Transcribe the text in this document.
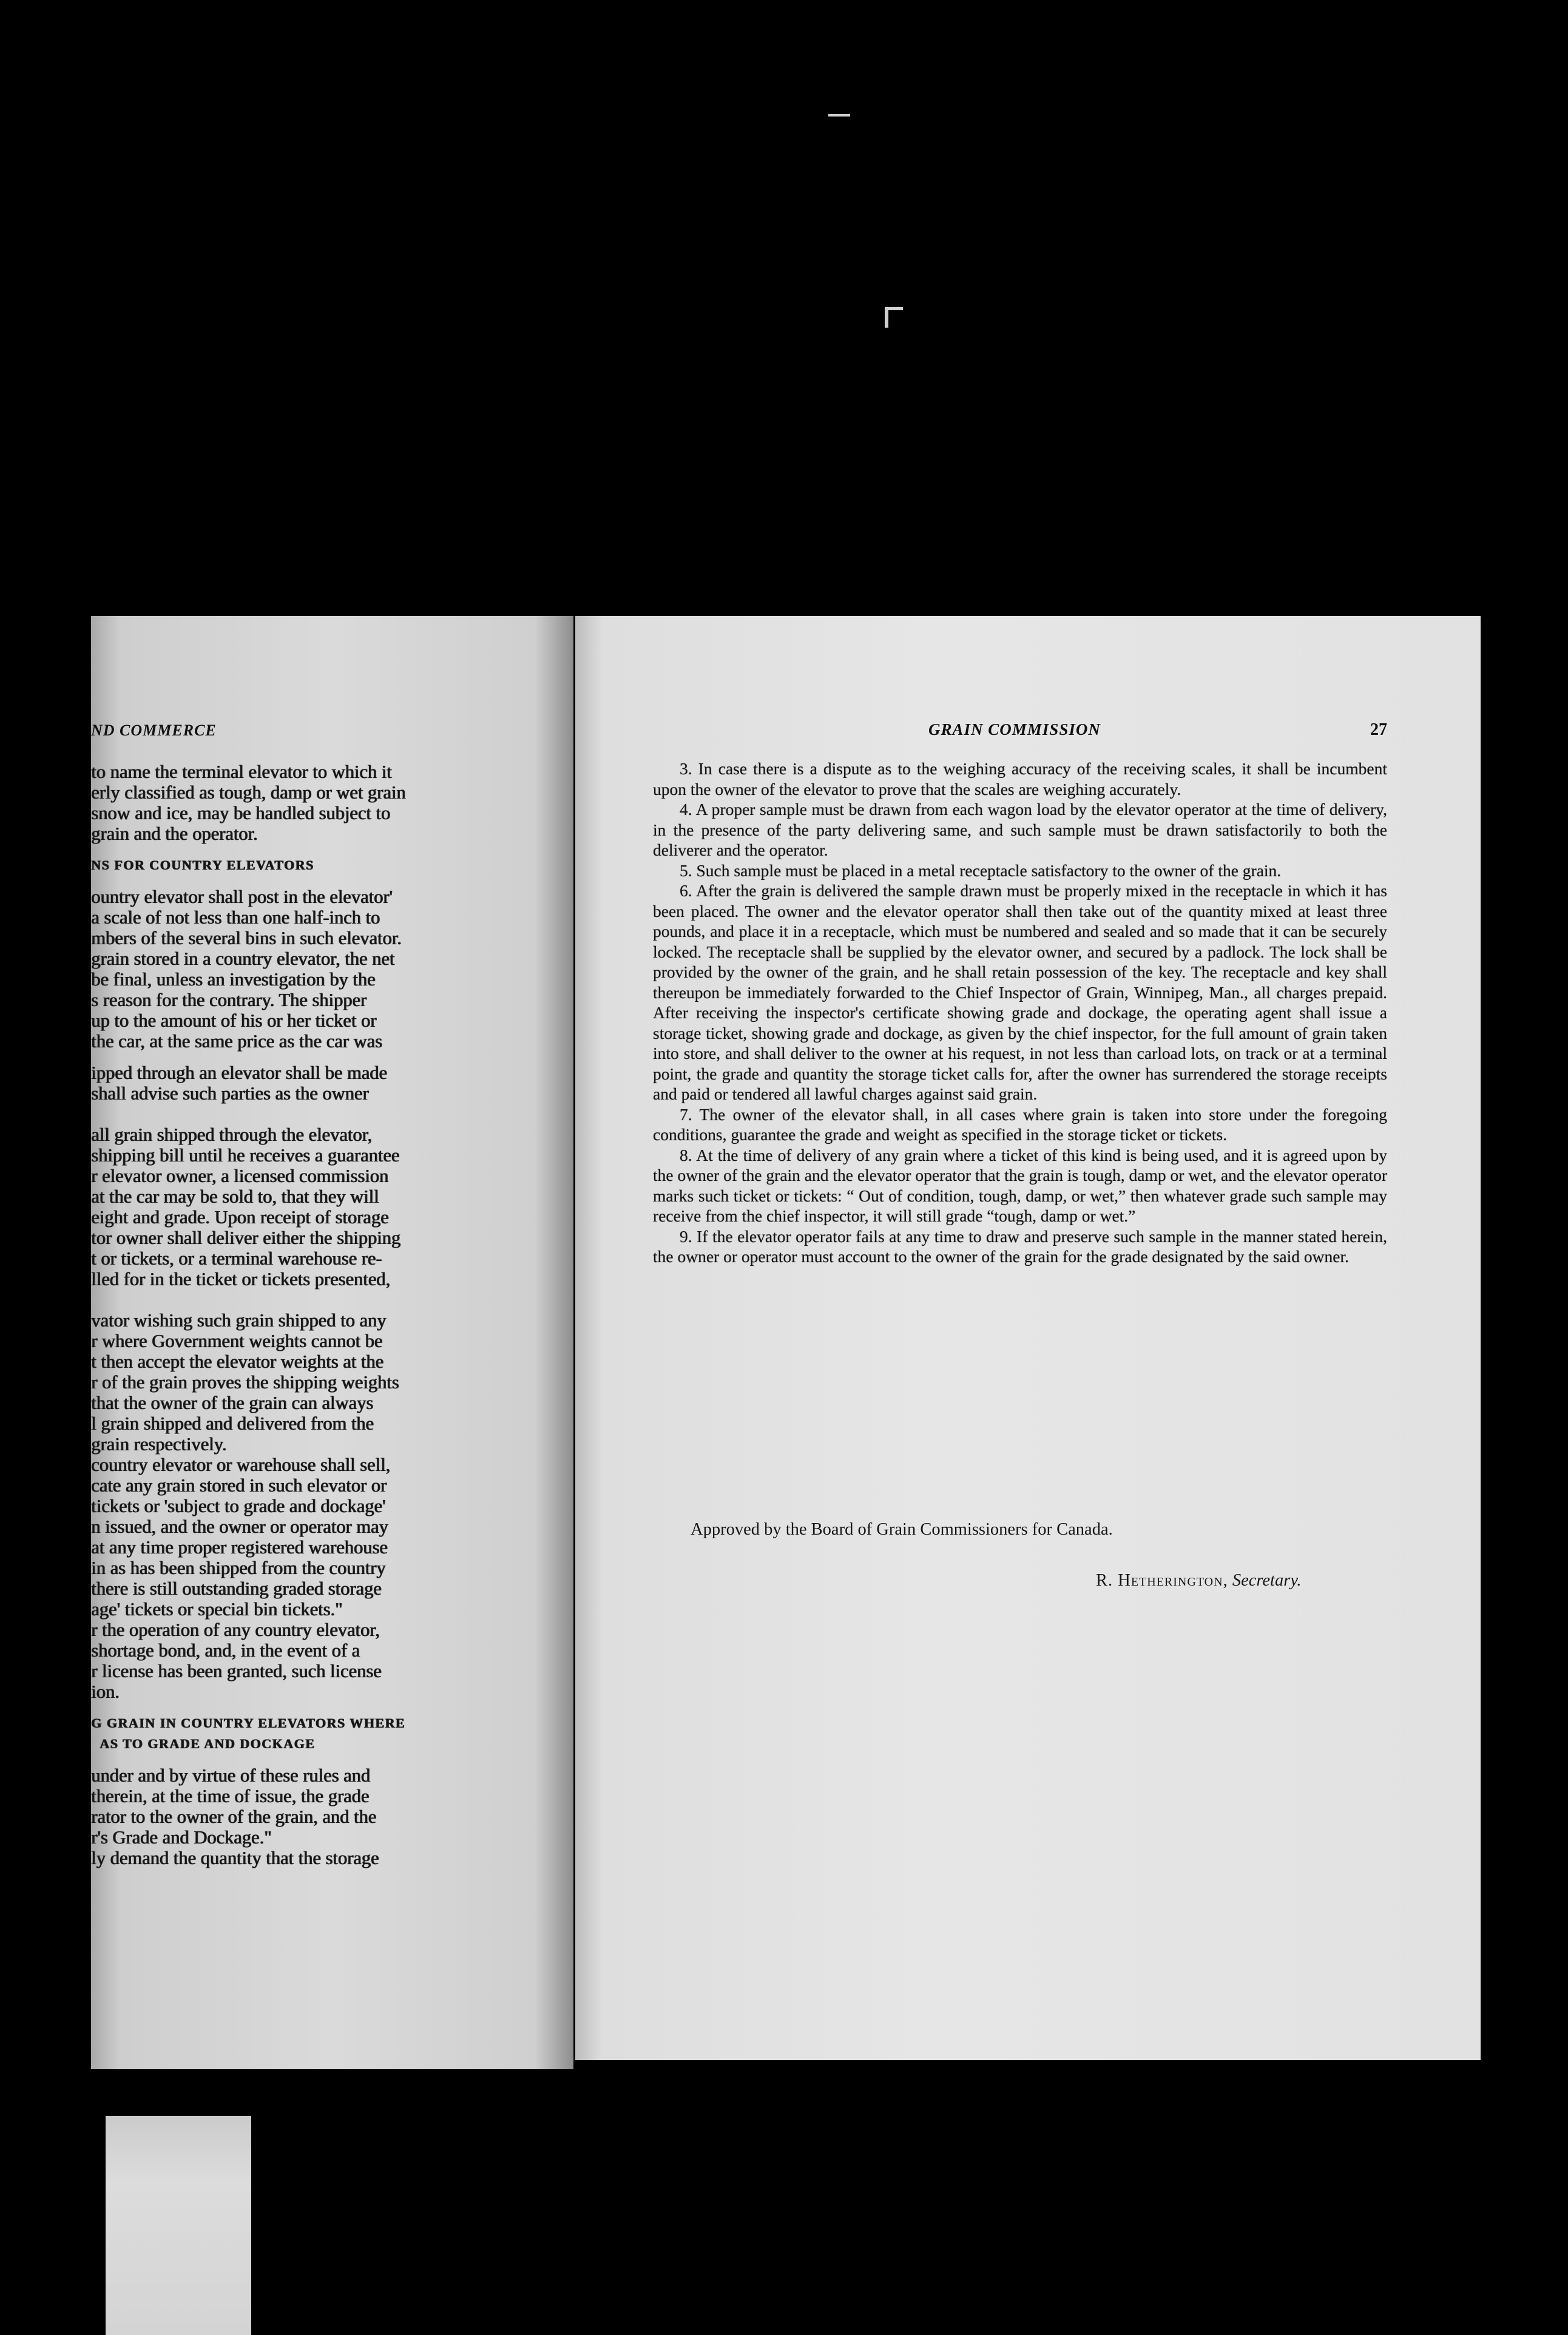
ND COMMERCE
to name the terminal elevator to which it
erly classified as tough, damp or wet grain
snow and ice, may be handled subject to
grain and the operator.
NS FOR COUNTRY ELEVATORS
ountry elevator shall post in the elevator'
a scale of not less than one half-inch to
mbers of the several bins in such elevator.
grain stored in a country elevator, the net
be final, unless an investigation by the
s reason for the contrary. The shipper
up to the amount of his or her ticket or
the car, at the same price as the car was
ipped through an elevator shall be made
shall advise such parties as the owner
all grain shipped through the elevator,
shipping bill until he receives a guarantee
r elevator owner, a licensed commission
at the car may be sold to, that they will
eight and grade. Upon receipt of storage
tor owner shall deliver either the shipping
t or tickets, or a terminal warehouse re-
lled for in the ticket or tickets presented,
vator wishing such grain shipped to any
r where Government weights cannot be
t then accept the elevator weights at the
r of the grain proves the shipping weights
that the owner of the grain can always
l grain shipped and delivered from the
grain respectively.
country elevator or warehouse shall sell,
cate any grain stored in such elevator or
tickets or 'subject to grade and dockage'
n issued, and the owner or operator may
at any time proper registered warehouse
in as has been shipped from the country
there is still outstanding graded storage
age' tickets or special bin tickets."
r the operation of any country elevator,
shortage bond, and, in the event of a
r license has been granted, such license
ion.
G GRAIN IN COUNTRY ELEVATORS WHERE
AS TO GRADE AND DOCKAGE
under and by virtue of these rules and
therein, at the time of issue, the grade
rator to the owner of the grain, and the
r's Grade and Dockage."
ly demand the quantity that the storage
GRAIN COMMISSION	27

3. In case there is a dispute as to the weighing accuracy of the receiving scales, it shall be incumbent upon the owner of the elevator to prove that the scales are weighing accurately.

4. A proper sample must be drawn from each wagon load by the elevator operator at the time of delivery, in the presence of the party delivering same, and such sample must be drawn satisfactorily to both the deliverer and the operator.

5. Such sample must be placed in a metal receptacle satisfactory to the owner of the grain.

6. After the grain is delivered the sample drawn must be properly mixed in the receptacle in which it has been placed. The owner and the elevator operator shall then take out of the quantity mixed at least three pounds, and place it in a receptacle, which must be numbered and sealed and so made that it can be securely locked. The receptacle shall be supplied by the elevator owner, and secured by a padlock. The lock shall be provided by the owner of the grain, and he shall retain possession of the key. The receptacle and key shall thereupon be immediately forwarded to the Chief Inspector of Grain, Winnipeg, Man., all charges prepaid. After receiving the inspector's certificate showing grade and dockage, the operating agent shall issue a storage ticket, showing grade and dockage, as given by the chief inspector, for the full amount of grain taken into store, and shall deliver to the owner at his request, in not less than carload lots, on track or at a terminal point, the grade and quantity the storage ticket calls for, after the owner has surrendered the storage receipts and paid or tendered all lawful charges against said grain.

7. The owner of the elevator shall, in all cases where grain is taken into store under the foregoing conditions, guarantee the grade and weight as specified in the storage ticket or tickets.

8. At the time of delivery of any grain where a ticket of this kind is being used, and it is agreed upon by the owner of the grain and the elevator operator that the grain is tough, damp or wet, and the elevator operator marks such ticket or tickets: “ Out of condition, tough, damp, or wet,” then whatever grade such sample may receive from the chief inspector, it will still grade “tough, damp or wet.”

9. If the elevator operator fails at any time to draw and preserve such sample in the manner stated herein, the owner or operator must account to the owner of the grain for the grade designated by the said owner.

Approved by the Board of Grain Commissioners for Canada.
R. Hetherington, Secretary.
